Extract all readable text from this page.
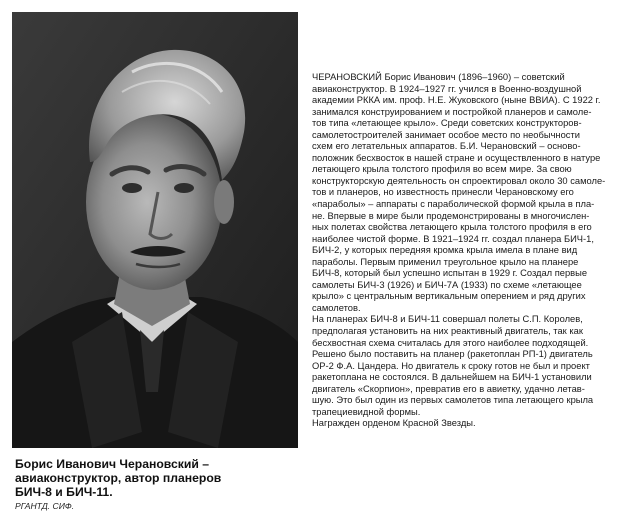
Борис Иванович Черановский –
авиаконструктор, автор планеров
БИЧ-8 и БИЧ-11.

РГАНТД. СИФ.

ЧЕРАНОВСКИЙ Борис Иванович (1896–1960) – советский
авиаконструктор. В 1924–1927 гг. учился в Военно-воздушной
академии РККА им. проф. Н.Е. Жуковского (ныне ВВИА). С 1922 г.
занимался конструированием и постройкой планеров и самоле-
тов типа «летающее крыло». Среди советских конструкторов-
самолетостроителей занимает особое место по необычности
схем его летательных аппаратов. Б.И. Черановский – осново-
положник бесхвосток в нашей стране и осуществленного в натуре
летающего крыла толстого профиля во всем мире. За свою
конструкторскую деятельность он спроектировал около 30 самоле-
тов и планеров, но известность принесли Черановскому его
«параболы» – аппараты с параболической формой крыла в пла-
не. Впервые в мире были продемонстрированы в многочислен-
ных полетах свойства летающего крыла толстого профиля в его
наиболее чистой форме. В 1921–1924 гг. создал планера БИЧ-1,
БИЧ-2, у которых передняя кромка крыла имела в плане вид
параболы. Первым применил треугольное крыло на планере
БИЧ-8, который был успешно испытан в 1929 г. Создал первые
самолеты БИЧ-3 (1926) и БИЧ-7А (1933) по схеме «летающее
крыло» с центральным вертикальным оперением и ряд других
самолетов.

На планерах БИЧ-8 и БИЧ-11 совершал полеты С.П. Королев,
предполагая установить на них реактивный двигатель, так как
бесхвостная схема считалась для этого наиболее подходящей.
Решено было поставить на планер (ракетоплан РП-1) двигатель
ОР-2 Ф.А. Цандера. Но двигатель к сроку готов не был и проект
ракетоплана не состоялся. В дальнейшем на БИЧ-1 установили
двигатель «Скорпион», превратив его в авиетку, удачно летав-
шую. Это был один из первых самолетов типа летающего крыла
трапециевидной формы.

Награжден орденом Красной Звезды.
